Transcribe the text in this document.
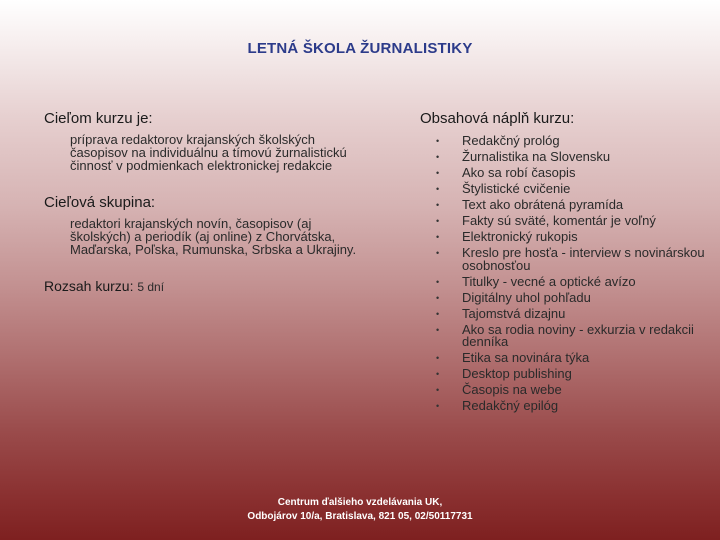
LETNÁ ŠKOLA ŽURNALISTIKY
Cieľom kurzu je:
príprava redaktorov krajanských školských časopisov na individuálnu a tímovú žurnalistickú činnosť v podmienkach elektronickej redakcie
Cieľová skupina:
redaktori krajanských novín, časopisov (aj školských) a periodík (aj online) z Chorvátska, Maďarska, Poľska, Rumunska, Srbska a Ukrajiny.
Rozsah kurzu: 5 dní
Obsahová náplň kurzu:
• Redakčný prológ
• Žurnalistika na Slovensku
• Ako sa robí časopis
• Štylistické cvičenie
• Text ako obrátená pyramída
• Fakty sú sväté, komentár je voľný
• Elektronický rukopis
• Kreslo pre hosťa - interview s novinárskou osobnosťou
• Titulky - vecné a optické avízo
• Digitálny uhol pohľadu
• Tajomstvá dizajnu
• Ako sa rodia noviny - exkurzia v redakcii denníka
• Etika sa novinára týka
• Desktop publishing
• Časopis na webe
• Redakčný epilóg
Centrum ďalšieho vzdelávania UK,
Odbojárov 10/a, Bratislava, 821 05, 02/50117731
